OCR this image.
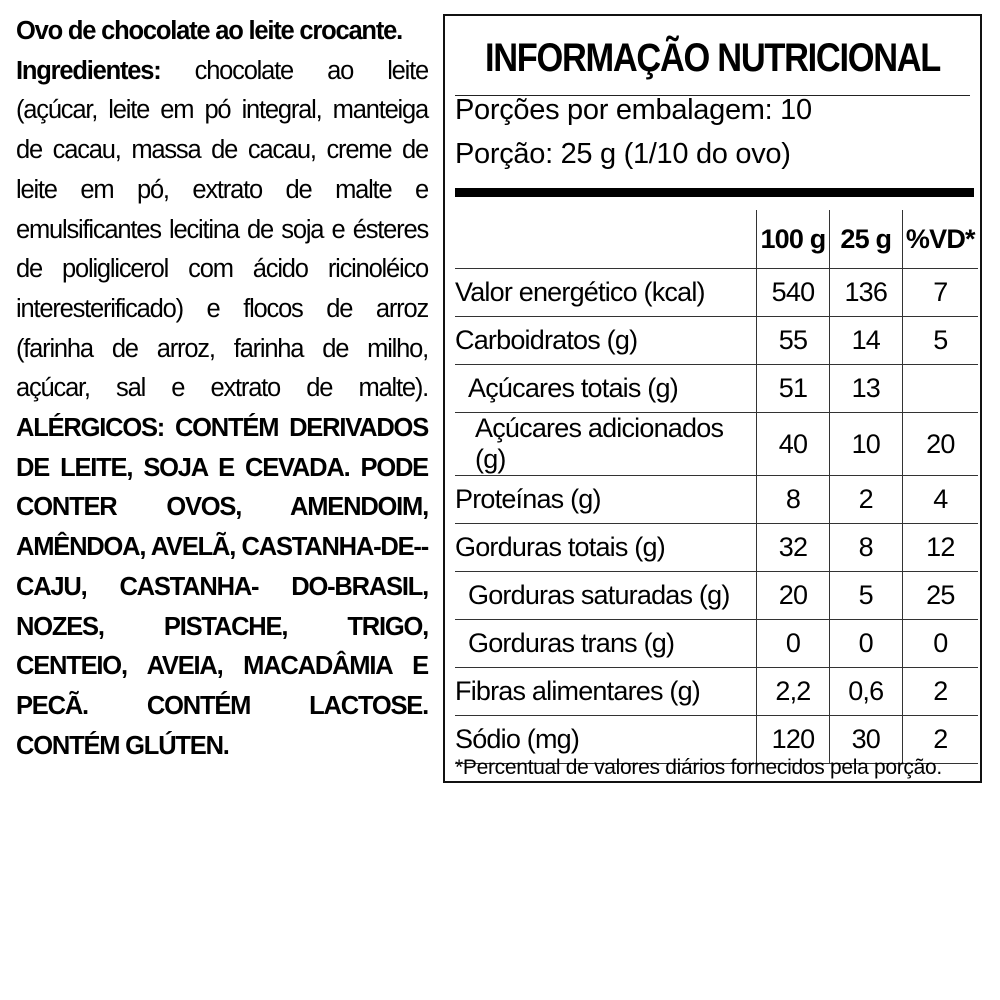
Ovo de chocolate ao leite crocante.
Ingredientes: chocolate ao leite (açúcar, leite em pó integral, manteiga de cacau, massa de cacau, creme de leite em pó, extrato de malte e emulsificantes lecitina de soja e ésteres de poliglicerol com ácido ricinoléico interesterificado) e flocos de arroz (farinha de arroz, farinha de milho, açúcar, sal e extrato de malte). ALÉRGICOS: CONTÉM DERIVADOS DE LEITE, SOJA E CEVADA. PODE CONTER OVOS, AMENDOIM, AMÊNDOA, AVELÃ, CASTANHA-DE--CAJU, CASTANHA- DO-BRASIL, NOZES, PISTACHE, TRIGO, CENTEIO, AVEIA, MACADÂMIA E PECÃ. CONTÉM LACTOSE. CONTÉM GLÚTEN.
INFORMAÇÃO NUTRICIONAL
Porções por embalagem: 10
Porção: 25 g (1/10 do ovo)
	100 g	25 g	%VD*
Valor energético (kcal)	540	136	7
Carboidratos (g)	55	14	5
Açúcares totais (g)	51	13	
Açúcares adicionados (g)	40	10	20
Proteínas (g)	8	2	4
Gorduras totais (g)	32	8	12
Gorduras saturadas (g)	20	5	25
Gorduras trans (g)	0	0	0
Fibras alimentares (g)	2,2	0,6	2
Sódio (mg)	120	30	2
*Percentual de valores diários fornecidos pela porção.
